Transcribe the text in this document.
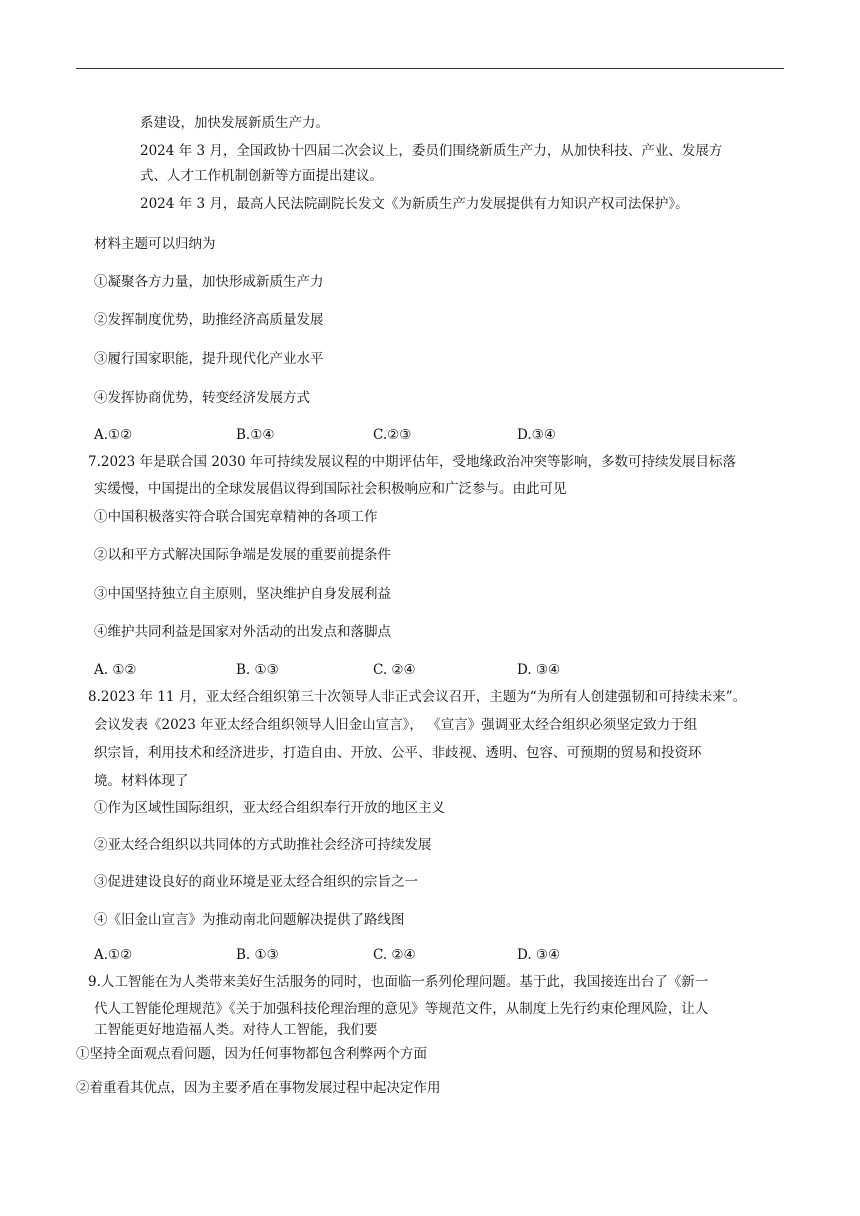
系建设，加快发展新质生产力。
2024 年 3 月，全国政协十四届二次会议上，委员们围绕新质生产力，从加快科技、产业、发展方
式、人才工作机制创新等方面提出建议。
2024 年 3 月，最高人民法院副院长发文《为新质生产力发展提供有力知识产权司法保护》。
材料主题可以归纳为
①凝聚各方力量，加快形成新质生产力
②发挥制度优势，助推经济高质量发展
③履行国家职能，提升现代化产业水平
④发挥协商优势，转变经济发展方式
A.①②	B.①④	C.②③	D.③④
7.2023 年是联合国 2030 年可持续发展议程的中期评估年，受地缘政治冲突等影响，多数可持续发展目标落
实缓慢，中国提出的全球发展倡议得到国际社会积极响应和广泛参与。由此可见
①中国积极落实符合联合国宪章精神的各项工作
②以和平方式解决国际争端是发展的重要前提条件
③中国坚持独立自主原则，坚决维护自身发展利益
④维护共同利益是国家对外活动的出发点和落脚点
A. ①②	B. ①③	C. ②④	D. ③④
8.2023 年 11 月，亚太经合组织第三十次领导人非正式会议召开，主题为“为所有人创建强韧和可持续未来”。
会议发表《2023 年亚太经合组织领导人旧金山宣言》， 《宣言》强调亚太经合组织必须坚定致力于组
织宗旨，利用技术和经济进步，打造自由、开放、公平、非歧视、透明、包容、可预期的贸易和投资环
境。材料体现了
①作为区域性国际组织，亚太经合组织奉行开放的地区主义
②亚太经合组织以共同体的方式助推社会经济可持续发展
③促进建设良好的商业环境是亚太经合组织的宗旨之一
④《旧金山宣言》为推动南北问题解决提供了路线图
A.①②	B. ①③	C. ②④	D. ③④
9.人工智能在为人类带来美好生活服务的同时，也面临一系列伦理问题。基于此，我国接连出台了《新一
代人工智能伦理规范》《关于加强科技伦理治理的意见》等规范文件，从制度上先行约束伦理风险，让人
工智能更好地造福人类。对待人工智能，我们要
①坚持全面观点看问题，因为任何事物都包含利弊两个方面
②着重看其优点，因为主要矛盾在事物发展过程中起决定作用
